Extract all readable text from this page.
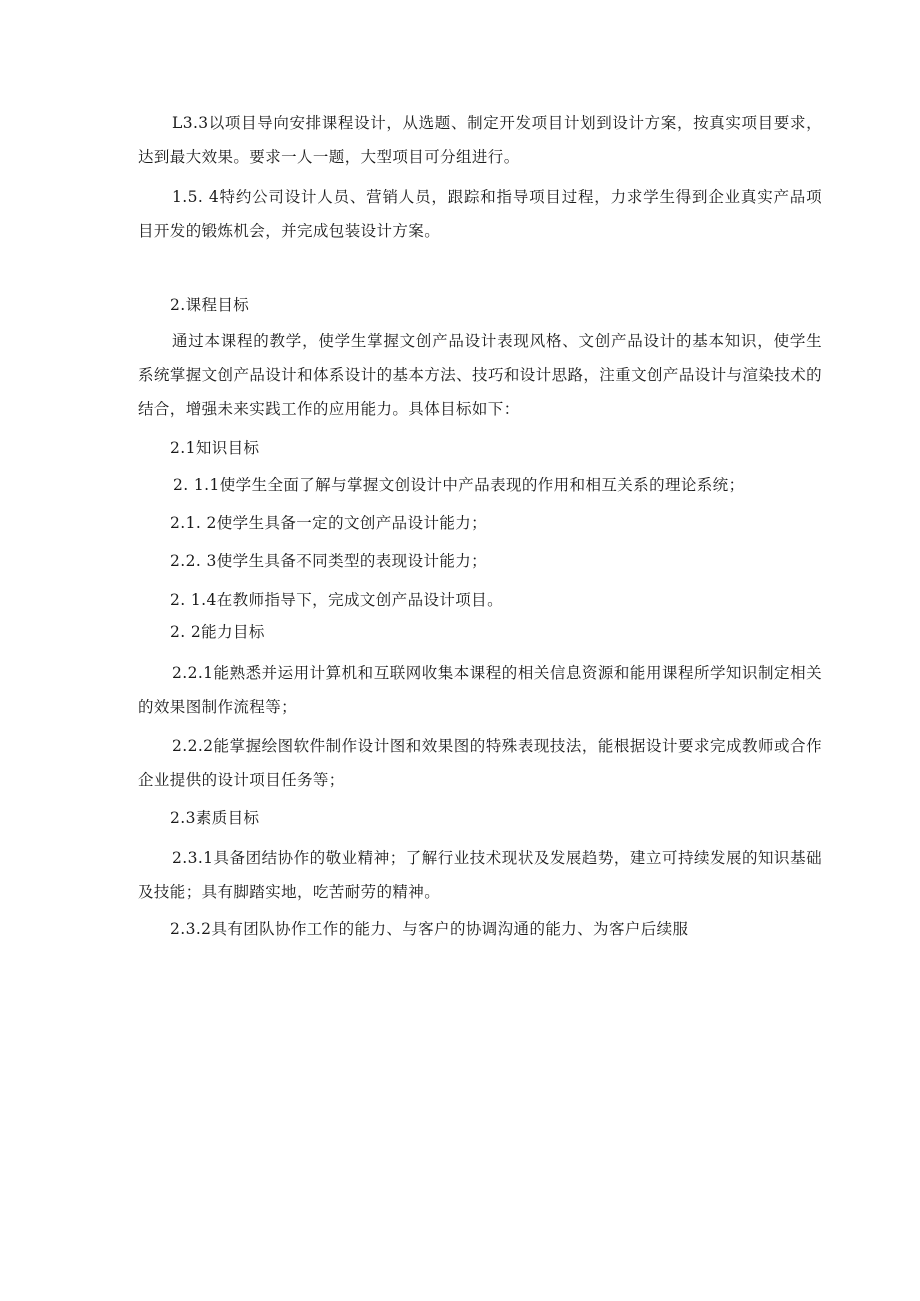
L3.3以项目导向安排课程设计，从选题、制定开发项目计划到设计方案，按真实项目要求，达到最大效果。要求一人一题，大型项目可分组进行。

1.5. 4特约公司设计人员、营销人员，跟踪和指导项目过程，力求学生得到企业真实产品项目开发的锻炼机会，并完成包装设计方案。

2.课程目标

通过本课程的教学，使学生掌握文创产品设计表现风格、文创产品设计的基本知识，使学生系统掌握文创产品设计和体系设计的基本方法、技巧和设计思路，注重文创产品设计与渲染技术的结合，增强未来实践工作的应用能力。具体目标如下：

2.1知识目标

2. 1.1使学生全面了解与掌握文创设计中产品表现的作用和相互关系的理论系统；

2.1. 2使学生具备一定的文创产品设计能力；

2.2. 3使学生具备不同类型的表现设计能力；

2. 1.4在教师指导下，完成文创产品设计项目。

2. 2能力目标

2.2.1能熟悉并运用计算机和互联网收集本课程的相关信息资源和能用课程所学知识制定相关的效果图制作流程等；

2.2.2能掌握绘图软件制作设计图和效果图的特殊表现技法，能根据设计要求完成教师或合作企业提供的设计项目任务等；

2.3素质目标

2.3.1具备团结协作的敬业精神；了解行业技术现状及发展趋势，建立可持续发展的知识基础及技能；具有脚踏实地，吃苦耐劳的精神。

2.3.2具有团队协作工作的能力、与客户的协调沟通的能力、为客户后续服
